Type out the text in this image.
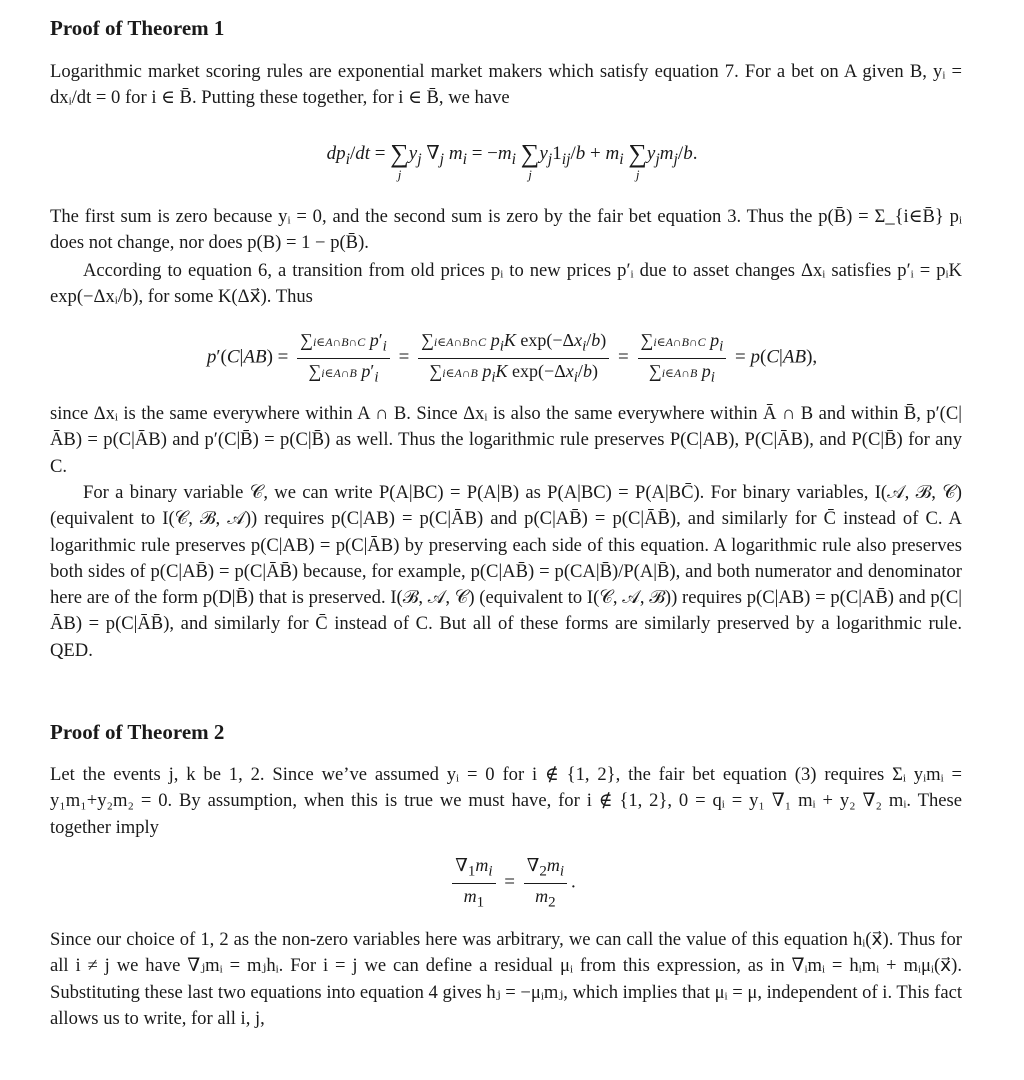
Proof of Theorem 1
Logarithmic market scoring rules are exponential market makers which satisfy equation 7. For a bet on A given B, yᵢ = dxᵢ/dt = 0 for i ∈ B̄. Putting these together, for i ∈ B̄, we have
$dp_i/dt$ = ∑
j
$y_j$ $\nabla_j$ $m_i = -m_i$ ∑
j
$y_j1_{ij}/b + m_i$ ∑
j
$y_jm_j/b$.
The first sum is zero because yᵢ = 0, and the second sum is zero by the fair bet equation 3. Thus the p(B̄) = Σ_{i∈B̄} pᵢ does not change, nor does p(B) = 1 − p(B̄).
According to equation 6, a transition from old prices pᵢ to new prices p′ᵢ due to asset changes Δxᵢ satisfies p′ᵢ = pᵢK exp(−Δxᵢ/b), for some K(Δx⃗). Thus
$p'(C|AB) = \frac{\sum i\in A\cap B\cap C p'_i}{\sum i\in A\cap B p'_i} = \frac{\sum i\in A\cap B\cap C p_iK \exp(-\Delta x_i/b)}{\sum i\in A\cap B p_iK \exp(-\Delta x_i/b)} = \frac{\sum i\in A\cap B\cap C p_i}{\sum i\in A\cap B p_i} = p(C|AB)$,
since Δxᵢ is the same everywhere within A ∩ B. Since Δxᵢ is also the same everywhere within Ā ∩ B and within B̄, p′(C|ĀB) = p(C|ĀB) and p′(C|B̄) = p(C|B̄) as well. Thus the logarithmic rule preserves P(C|AB), P(C|ĀB), and P(C|B̄) for any C.
For a binary variable 𝒞, we can write P(A|BC) = P(A|B) as P(A|BC) = P(A|BC̄). For binary variables, I(𝒜, ℬ, 𝒞) (equivalent to I(𝒞, ℬ, 𝒜)) requires p(C|AB) = p(C|ĀB) and p(C|AB̄) = p(C|ĀB̄), and similarly for C̄ instead of C. A logarithmic rule preserves p(C|AB) = p(C|ĀB) by preserving each side of this equation. A logarithmic rule also preserves both sides of p(C|AB̄) = p(C|ĀB̄) because, for example, p(C|AB̄) = p(CA|B̄)/P(A|B̄), and both numerator and denominator here are of the form p(D|B̄) that is preserved. I(ℬ, 𝒜, 𝒞) (equivalent to I(𝒞, 𝒜, ℬ)) requires p(C|AB) = p(C|AB̄) and p(C|ĀB) = p(C|ĀB̄), and similarly for C̄ instead of C. But all of these forms are similarly preserved by a logarithmic rule. QED.
Proof of Theorem 2
Let the events j, k be 1, 2. Since we’ve assumed yᵢ = 0 for i ∉ {1, 2}, the fair bet equation (3) requires Σᵢ yᵢmᵢ = y₁m₁+y₂m₂ = 0. By assumption, when this is true we must have, for i ∉ {1, 2}, 0 = qᵢ = y₁ ∇₁ mᵢ + y₂ ∇₂ mᵢ. These together imply
$\frac{\nabla_1m_i}{m_1} = \frac{\nabla_2m_i}{m_2}$ .
Since our choice of 1, 2 as the non-zero variables here was arbitrary, we can call the value of this equation hᵢ(x⃗). Thus for all i ≠ j we have ∇ⱼmᵢ = mⱼhᵢ. For i = j we can define a residual μᵢ from this expression, as in ∇ᵢmᵢ = hᵢmᵢ + mᵢμᵢ(x⃗). Substituting these last two equations into equation 4 gives hⱼ = −μᵢmⱼ, which implies that μᵢ = μ, independent of i. This fact allows us to write, for all i, j,
